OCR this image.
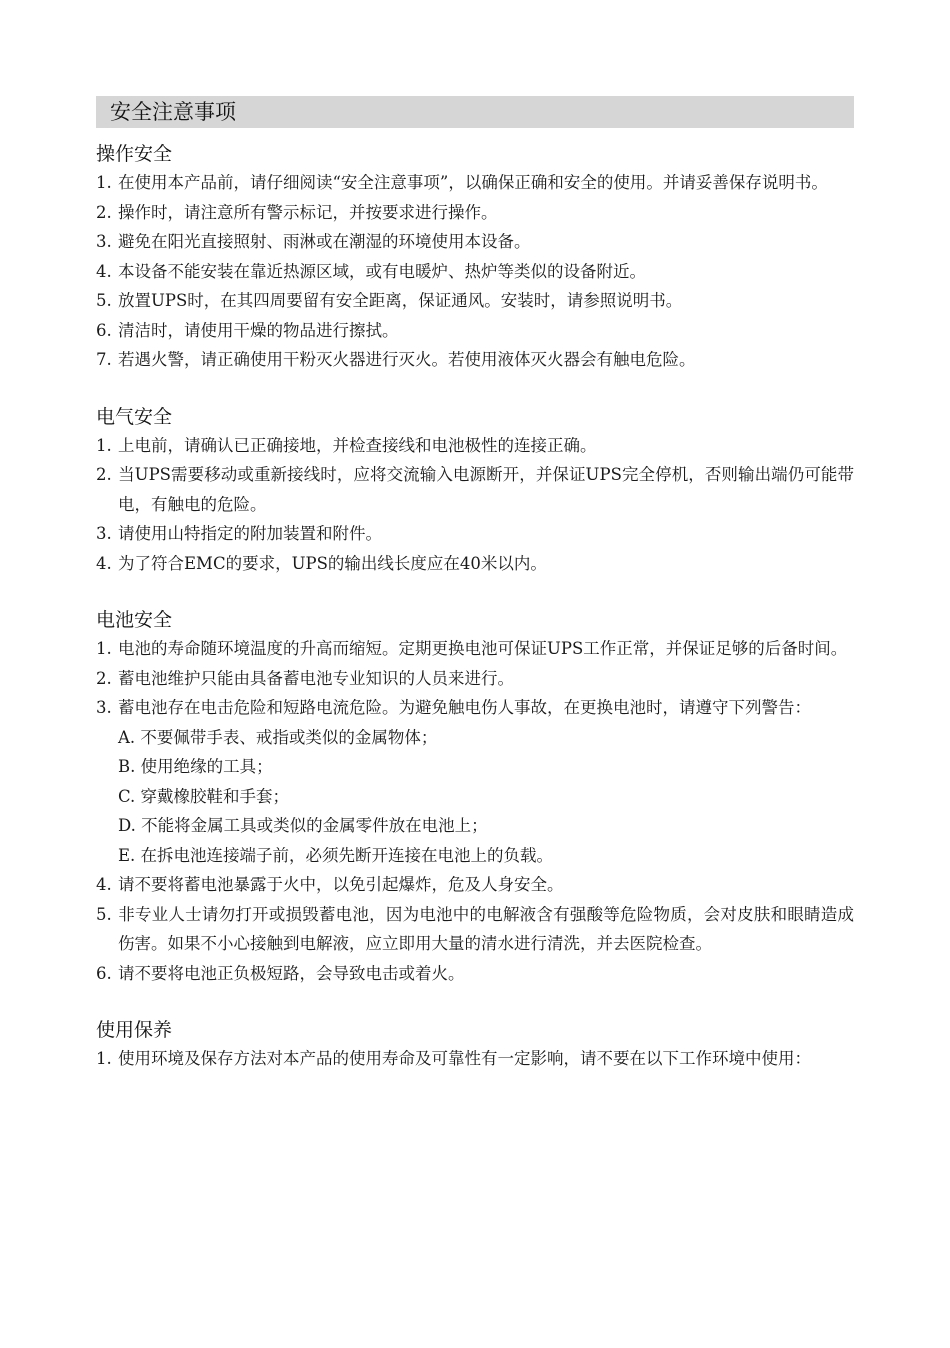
安全注意事项
操作安全
1. 在使用本产品前，请仔细阅读“安全注意事项”，以确保正确和安全的使用。并请妥善保存说明书。
2. 操作时，请注意所有警示标记，并按要求进行操作。
3. 避免在阳光直接照射、雨淋或在潮湿的环境使用本设备。
4. 本设备不能安装在靠近热源区域，或有电暖炉、热炉等类似的设备附近。
5. 放置UPS时，在其四周要留有安全距离，保证通风。安装时，请参照说明书。
6. 清洁时，请使用干燥的物品进行擦拭。
7. 若遇火警，请正确使用干粉灭火器进行灭火。若使用液体灭火器会有触电危险。
电气安全
1. 上电前，请确认已正确接地，并检查接线和电池极性的连接正确。
2. 当UPS需要移动或重新接线时，应将交流输入电源断开，并保证UPS完全停机，否则输出端仍可能带电，有触电的危险。
3. 请使用山特指定的附加装置和附件。
4. 为了符合EMC的要求，UPS的输出线长度应在40米以内。
电池安全
1. 电池的寿命随环境温度的升高而缩短。定期更换电池可保证UPS工作正常，并保证足够的后备时间。
2. 蓄电池维护只能由具备蓄电池专业知识的人员来进行。
3. 蓄电池存在电击危险和短路电流危险。为避免触电伤人事故，在更换电池时，请遵守下列警告：
A. 不要佩带手表、戒指或类似的金属物体；
B. 使用绝缘的工具；
C. 穿戴橡胶鞋和手套；
D. 不能将金属工具或类似的金属零件放在电池上；
E. 在拆电池连接端子前，必须先断开连接在电池上的负载。
4. 请不要将蓄电池暴露于火中，以免引起爆炸，危及人身安全。
5. 非专业人士请勿打开或损毁蓄电池，因为电池中的电解液含有强酸等危险物质，会对皮肤和眼睛造成伤害。如果不小心接触到电解液，应立即用大量的清水进行清洗，并去医院检查。
6. 请不要将电池正负极短路，会导致电击或着火。
使用保养
1. 使用环境及保存方法对本产品的使用寿命及可靠性有一定影响，请不要在以下工作环境中使用：
